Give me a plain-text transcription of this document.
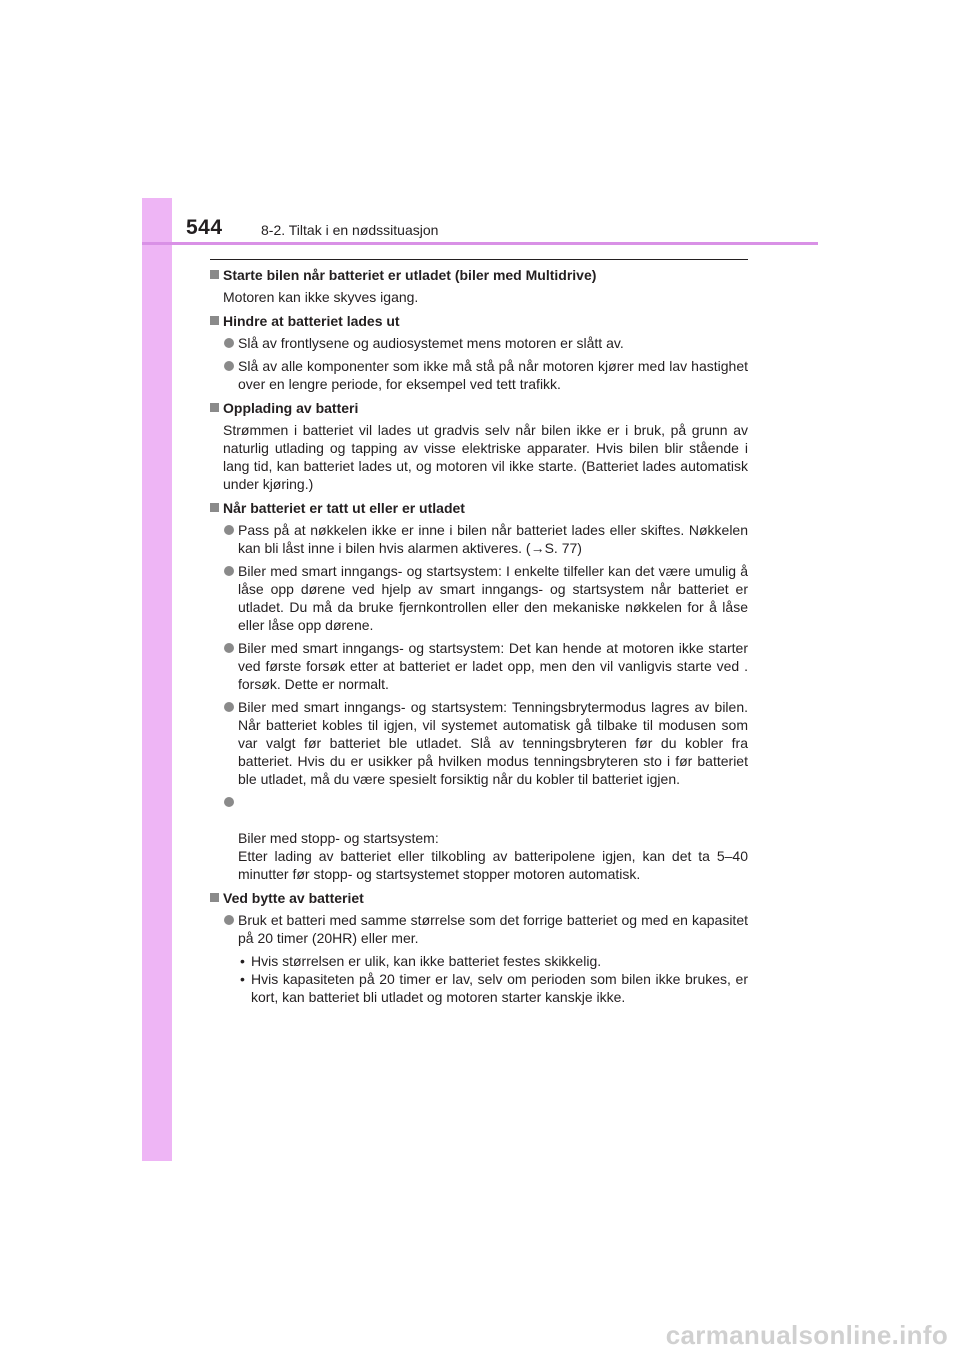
544	8-2. Tiltak i en nødssituasjon
Starte bilen når batteriet er utladet (biler med Multidrive)
Motoren kan ikke skyves igang.
Hindre at batteriet lades ut
Slå av frontlysene og audiosystemet mens motoren er slått av.
Slå av alle komponenter som ikke må stå på når motoren kjører med lav hastighet over en lengre periode, for eksempel ved tett trafikk.
Opplading av batteri
Strømmen i batteriet vil lades ut gradvis selv når bilen ikke er i bruk, på grunn av naturlig utlading og tapping av visse elektriske apparater. Hvis bilen blir stående i lang tid, kan batteriet lades ut, og motoren vil ikke starte. (Batteriet lades automatisk under kjøring.)
Når batteriet er tatt ut eller er utladet
Pass på at nøkkelen ikke er inne i bilen når batteriet lades eller skiftes. Nøkkelen kan bli låst inne i bilen hvis alarmen aktiveres. (→S. 77)
Biler med smart inngangs- og startsystem: I enkelte tilfeller kan det være umulig å låse opp dørene ved hjelp av smart inngangs- og startsystem når batteriet er utladet. Du må da bruke fjernkontrollen eller den mekaniske nøkkelen for å låse eller låse opp dørene.
Biler med smart inngangs- og startsystem: Det kan hende at motoren ikke starter ved første forsøk etter at batteriet er ladet opp, men den vil vanligvis starte ved . forsøk. Dette er normalt.
Biler med smart inngangs- og startsystem: Tenningsbrytermodus lagres av bilen. Når batteriet kobles til igjen, vil systemet automatisk gå tilbake til modusen som var valgt før batteriet ble utladet. Slå av tenningsbryteren før du kobler fra batteriet. Hvis du er usikker på hvilken modus tenningsbryteren sto i før batteriet ble utladet, må du være spesielt forsiktig når du kobler til batteriet igjen.

Biler med stopp- og startsystem:
Etter lading av batteriet eller tilkobling av batteripolene igjen, kan det ta 5–40 minutter før stopp- og startsystemet stopper motoren automatisk.

Ved bytte av batteriet
Bruk et batteri med samme størrelse som det forrige batteriet og med en kapasitet på 20 timer (20HR) eller mer.
• Hvis størrelsen er ulik, kan ikke batteriet festes skikkelig.
• Hvis kapasiteten på 20 timer er lav, selv om perioden som bilen ikke brukes, er kort, kan batteriet bli utladet og motoren starter kanskje ikke.
carmanualsonline.info
